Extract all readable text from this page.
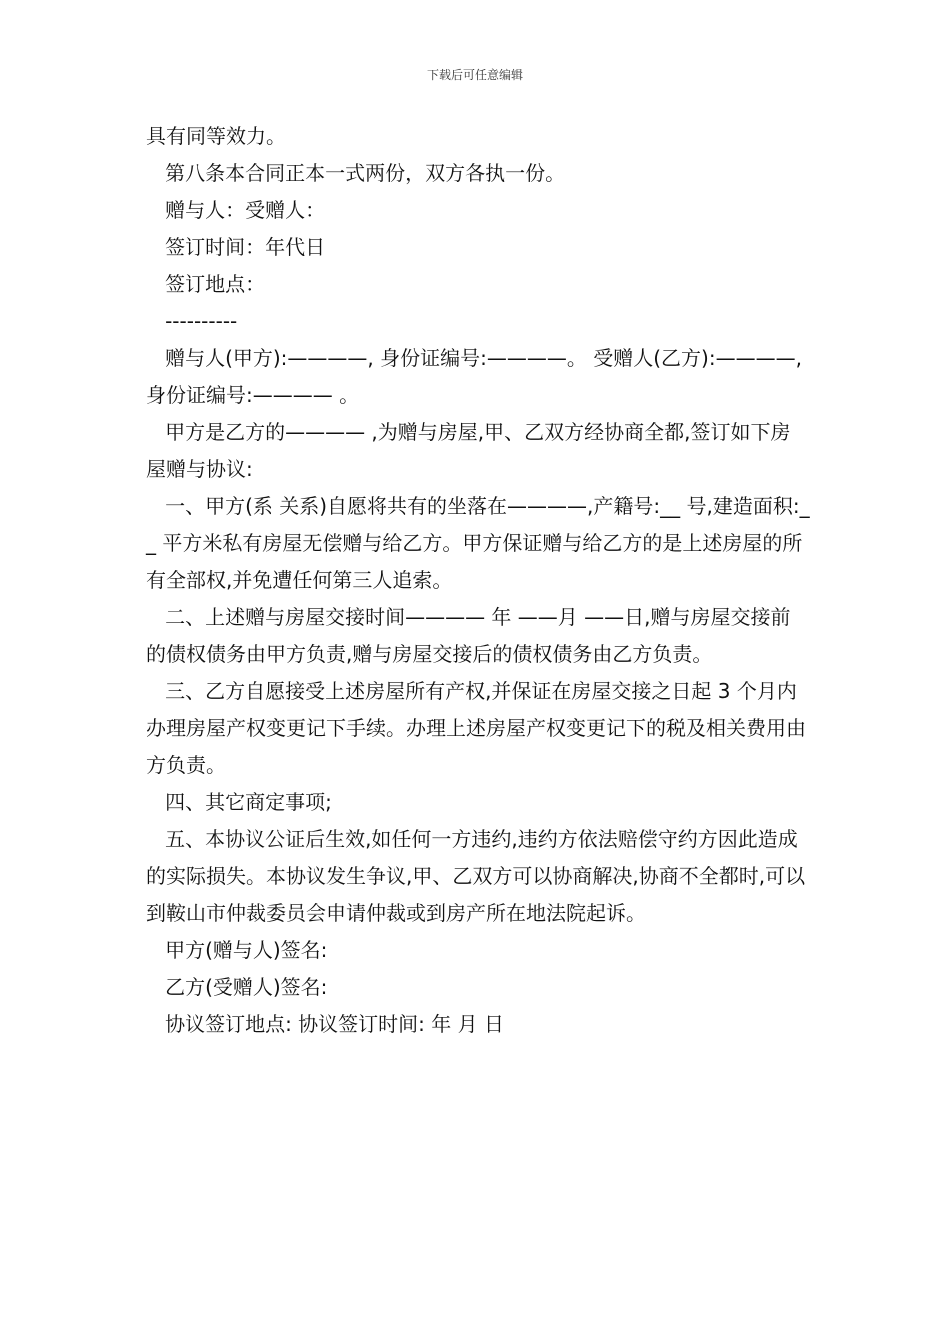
下载后可任意编辑

具有同等效力。

第八条本合同正本一式两份，双方各执一份。

赠与人：受赠人：

签订时间：年代日

签订地点：

----------

赠与人(甲方):————, 身份证编号:————。 受赠人(乙方):————, 身份证编号:———— 。

甲方是乙方的———— ,为赠与房屋,甲、乙双方经协商全都,签订如下房屋赠与协议:

一、甲方(系 关系)自愿将共有的坐落在————,产籍号:__ 号,建造面积:__ 平方米私有房屋无偿赠与给乙方。甲方保证赠与给乙方的是上述房屋的所有全部权,并免遭任何第三人追索。

二、上述赠与房屋交接时间———— 年 ——月 ——日,赠与房屋交接前的债权债务由甲方负责,赠与房屋交接后的债权债务由乙方负责。

三、乙方自愿接受上述房屋所有产权,并保证在房屋交接之日起 3 个月内办理房屋产权变更记下手续。办理上述房屋产权变更记下的税及相关费用由 方负责。

四、其它商定事项;

五、本协议公证后生效,如任何一方违约,违约方依法赔偿守约方因此造成的实际损失。本协议发生争议,甲、乙双方可以协商解决,协商不全都时,可以到鞍山市仲裁委员会申请仲裁或到房产所在地法院起诉。

甲方(赠与人)签名:

乙方(受赠人)签名:

协议签订地点: 协议签订时间: 年 月 日
